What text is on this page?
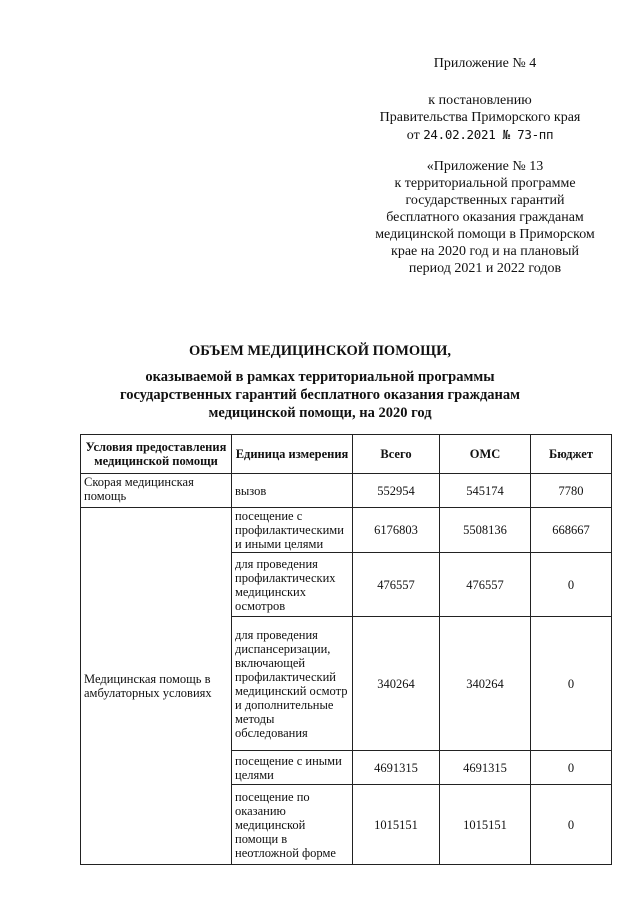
Приложение № 4
к постановлению
Правительства Приморского края
от 24.02.2021 № 73-пп
«Приложение № 13
к территориальной программе
государственных гарантий
бесплатного оказания гражданам
медицинской помощи в Приморском
крае на 2020 год и на плановый
период 2021 и 2022 годов
ОБЪЕМ МЕДИЦИНСКОЙ ПОМОЩИ,
оказываемой в рамках территориальной программы государственных гарантий бесплатного оказания гражданам медицинской помощи, на 2020 год
Условия предоставления медицинской помощи	Единица измерения	Всего	ОМС	Бюджет
Скорая медицинская помощь	вызов	552954	545174	7780
Медицинская помощь в амбулаторных условиях	посещение с профилактическими и иными целями	6176803	5508136	668667
	для проведения профилактических медицинских осмотров	476557	476557	0
	для проведения диспансеризации, включающей профилактический медицинский осмотр и дополнительные методы обследования	340264	340264	0
	посещение с иными целями	4691315	4691315	0
	посещение по оказанию медицинской помощи в неотложной форме	1015151	1015151	0
